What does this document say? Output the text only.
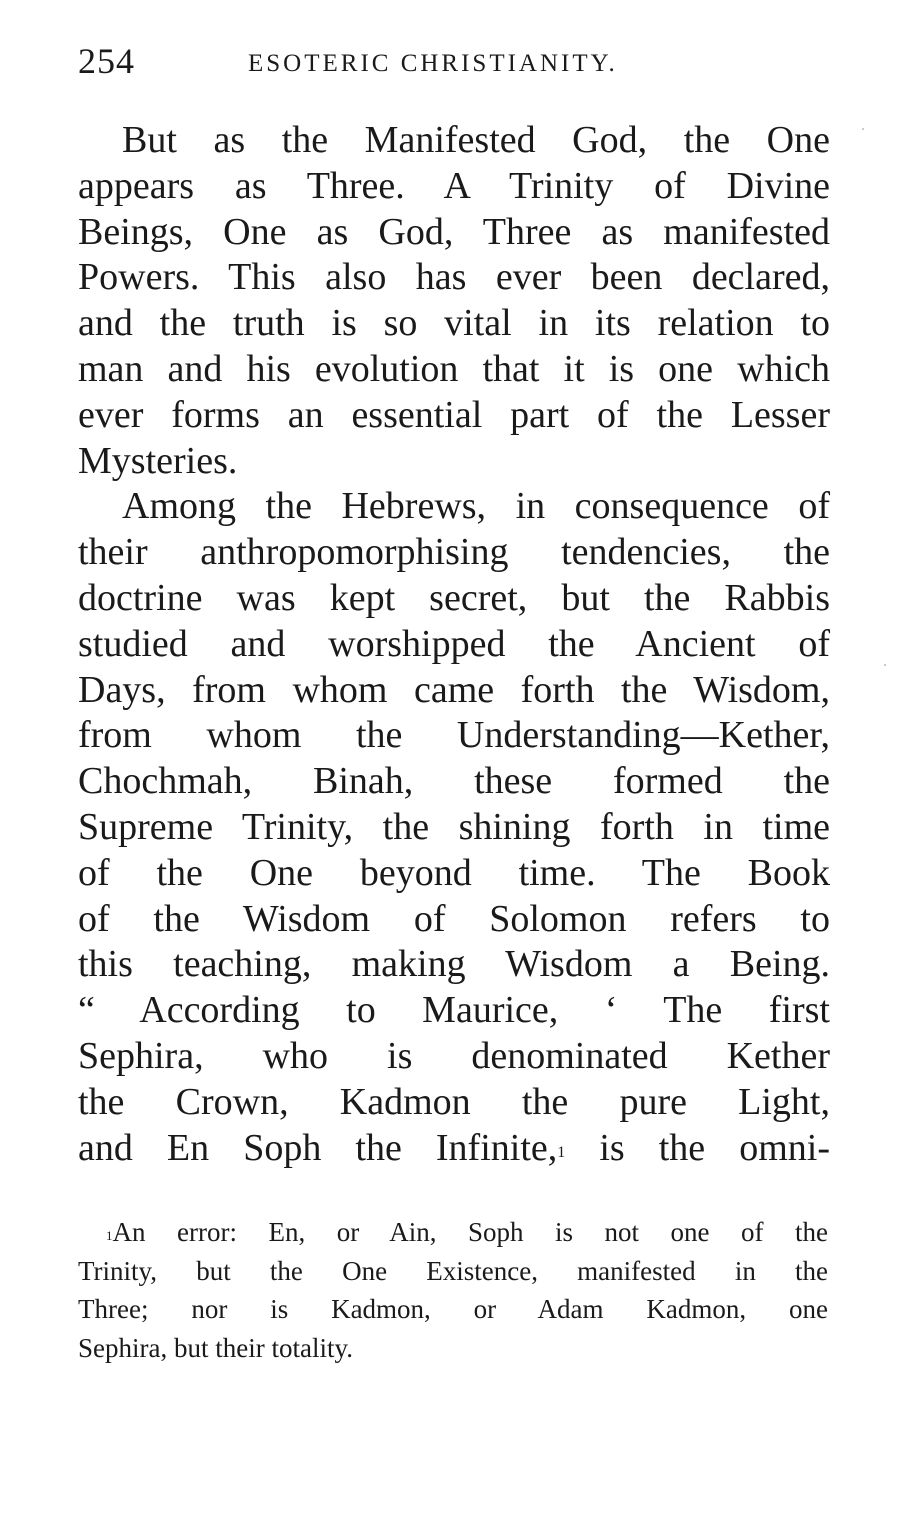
254	ESOTERIC CHRISTIANITY.
But as the Manifested God, the One
appears as Three. A Trinity of Divine
Beings, One as God, Three as manifested
Powers. This also has ever been declared,
and the truth is so vital in its relation to
man and his evolution that it is one which
ever forms an essential part of the Lesser
Mysteries.
Among the Hebrews, in consequence of
their anthropomorphising tendencies, the
doctrine was kept secret, but the Rabbis
studied and worshipped the Ancient of
Days, from whom came forth the Wisdom,
from whom the Understanding—Kether,
Chochmah, Binah, these formed the
Supreme Trinity, the shining forth in time
of the One beyond time. The Book
of the Wisdom of Solomon refers to
this teaching, making Wisdom a Being.
“ According to Maurice, ‘ The first
Sephira, who is denominated Kether
the Crown, Kadmon the pure Light,
and En Soph the Infinite,$^1$ is the omni-
$^1$An error: En, or Ain, Soph is not one of the
Trinity, but the One Existence, manifested in the
Three; nor is Kadmon, or Adam Kadmon, one
Sephira, but their totality.
